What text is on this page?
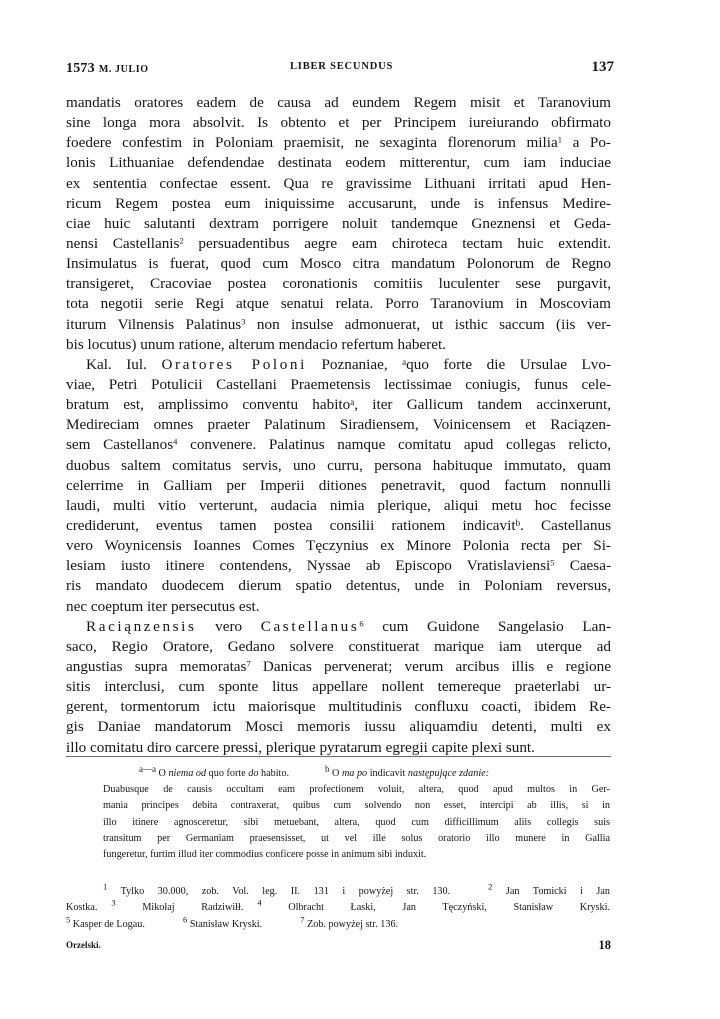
1573 M. JULIO	LIBER SECUNDUS	137
mandatis oratores eadem de causa ad eundem Regem misit et Taranovium
sine longa mora absolvit. Is obtento et per Principem iureiurando obfirmato
foedere confestim in Poloniam praemisit, ne sexaginta florenorum milia$^1$ a Po-
lonis Lithuaniae defendendae destinata eodem mitterentur, cum iam induciae
ex sententia confectae essent. Qua re gravissime Lithuani irritati apud Hen-
ricum Regem postea eum iniquissime accusarunt, unde is infensus Medire-
ciae huic salutanti dextram porrigere noluit tandemque Gneznensi et Geda-
nensi Castellanis$^2$ persuadentibus aegre eam chiroteca tectam huic extendit.
Insimulatus is fuerat, quod cum Mosco citra mandatum Polonorum de Regno
transigeret, Cracoviae postea coronationis comitiis luculenter sese purgavit,
tota negotii serie Regi atque senatui relata. Porro Taranovium in Moscoviam
iturum Vilnensis Palatinus$^3$ non insulse admonuerat, ut isthic saccum (iis ver-
bis locutus) unum ratione, alterum mendacio refertum haberet.
Kal. Iul. Oratores Poloni Poznaniae, $^a$quo forte die Ursulae Lvo-
viae, Petri Potulicii Castellani Praemetensis lectissimae coniugis, funus cele-
bratum est, amplissimo conventu habito$^a$, iter Gallicum tandem accinxerunt,
Medireciam omnes praeter Palatinum Siradiensem, Voinicensem et Raciązen-
sem Castellanos$^4$ convenere. Palatinus namque comitatu apud collegas relicto,
duobus saltem comitatus servis, uno curru, persona habituque immutato, quam
celerrime in Galliam per Imperii ditiones penetravit, quod factum nonnulli
laudi, multi vitio verterunt, audacia nimia plerique, aliqui metu hoc fecisse
crediderunt, eventus tamen postea consilii rationem indicavit$^b$. Castellanus
vero Woynicensis Ioannes Comes Tęczynius ex Minore Polonia recta per Si-
lesiam iusto itinere contendens, Nyssae ab Episcopo Vratislaviensi$^5$ Caesa-
ris mandato duodecem dierum spatio detentus, unde in Poloniam reversus,
nec coeptum iter persecutus est.
Raciąnzensis vero Castellanus$^6$ cum Guidone Sangelasio Lan-
saco, Regio Oratore, Gedano solvere constituerat marique iam uterque ad
angustias supra memoratas$^7$ Danicas pervenerat; verum arcibus illis e regione
sitis interclusi, cum sponte litus appellare nollent temereque praeterlabi ur-
gerent, tormentorum ictu maiorisque multitudinis confluxu coacti, ibidem Re-
gis Daniae mandatorum Mosci memoris iussu aliquamdiu detenti, multi ex
illo comitatu diro carcere pressi, plerique pyratarum egregii capite plexi sunt.
$^{a—a}$ O niema od quo forte do habito.	$^b$ O ma po indicavit następujące zdanie:
Duabusque de causis occultam eam profectionem voluit, altera, quod apud multos in Ger-
mania principes debita contraxerat, quibus cum solvendo non esset, intercipi ab illis, si in
illo itinere agnosceretur, sibi metuebant, altera, quod cum difficillimum aliis collegis suis
transitum per Germaniam praesensisset, ut vel ille solus oratorio illo munere in Gallia
fungeretur, furtim illud iter commodius conficere posse in animum sibi induxit.
$^1$ Tylko 30.000, zob. Vol. leg. II. 131 i powyżej str. 130.	$^2$ Jan Tomicki i Jan
Kostka. $^3$	Mikołaj Radziwiłł. $^4$	Olbracht Łaski, Jan Tęczyński, Stanisław Kryski.
$^5$ Kasper de Logau.	$^6$ Stanisław Kryski.	$^7$ Zob. powyżej str. 136.
Orzelski.	18
